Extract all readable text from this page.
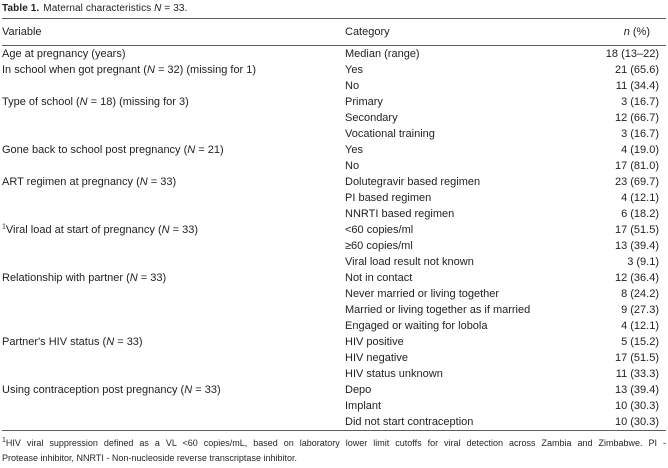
Table 1. Maternal characteristics N = 33.
Variable	Category	n (%)
Age at pregnancy (years)	Median (range)	18 (13–22)
In school when got pregnant (N = 32) (missing for 1)	Yes	21 (65.6)
	No	11 (34.4)
Type of school (N = 18) (missing for 3)	Primary	3 (16.7)
	Secondary	12 (66.7)
	Vocational training	3 (16.7)
Gone back to school post pregnancy (N = 21)	Yes	4 (19.0)
	No	17 (81.0)
ART regimen at pregnancy (N = 33)	Dolutegravir based regimen	23 (69.7)
	PI based regimen	4 (12.1)
	NNRTI based regimen	6 (18.2)
$^1$Viral load at start of pregnancy (N = 33)	<60 copies/ml	17 (51.5)
	≥60 copies/ml	13 (39.4)
	Viral load result not known	3 (9.1)
Relationship with partner (N = 33)	Not in contact	12 (36.4)
	Never married or living together	8 (24.2)
	Married or living together as if married	9 (27.3)
	Engaged or waiting for lobola	4 (12.1)
Partner's HIV status (N = 33)	HIV positive	5 (15.2)
	HIV negative	17 (51.5)
	HIV status unknown	11 (33.3)
Using contraception post pregnancy (N = 33)	Depo	13 (39.4)
	Implant	10 (30.3)
	Did not start contraception	10 (30.3)
$^1$HIV viral suppression defined as a VL <60 copies/mL, based on laboratory lower limit cutoffs for viral detection across Zambia and Zimbabwe. PI -
Protease inhibitor, NNRTI - Non-nucleoside reverse transcriptase inhibitor.
